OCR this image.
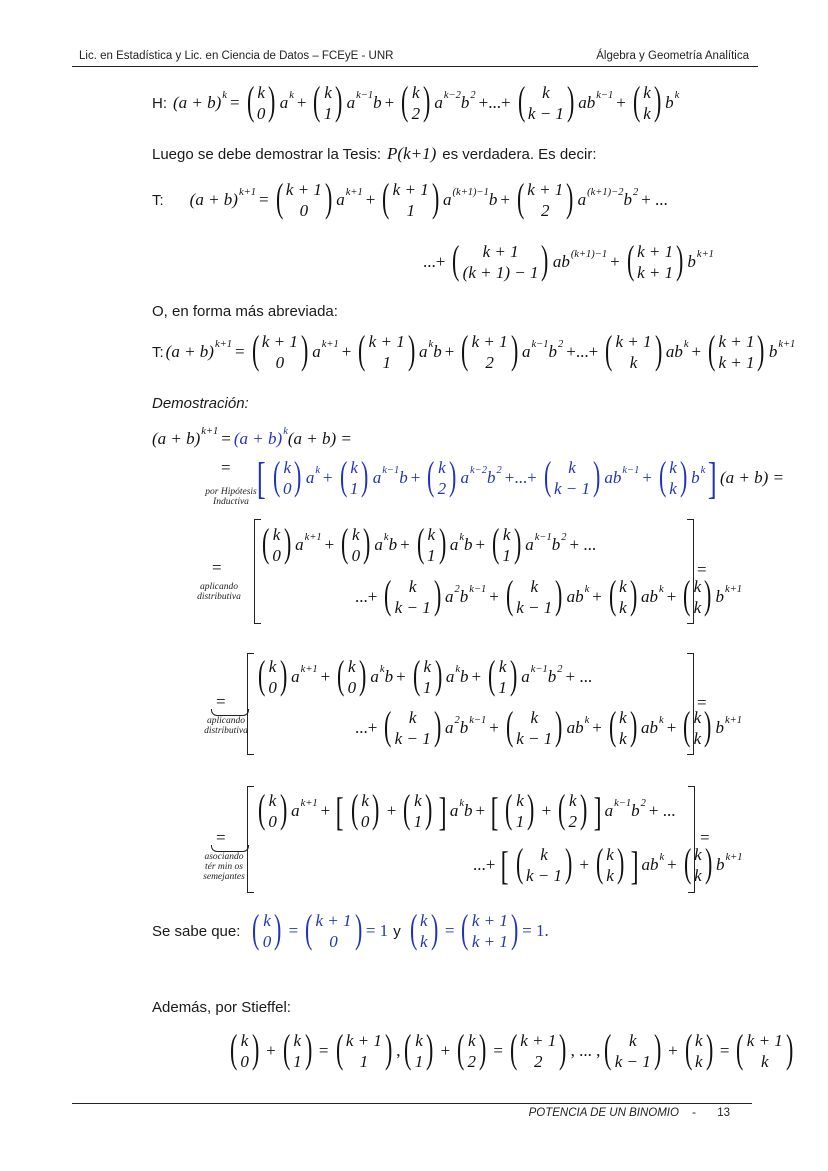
Lic. en Estadística y Lic. en Ciencia de Datos – FCEyE - UNR	Álgebra y Geometría Analítica
H: (a + b) k = ( k
0 ) a k + ( k
1 ) a k−1 b + ( k
2 ) a k−2 b 2 +...+ ( k
k − 1 ) ab k−1 + ( k
k ) b k
Luego se debe demostrar la Tesis: P(k+1) es verdadera. Es decir:
T: (a + b) k+1 = ( k + 1
0 ) a k+1 + ( k + 1
1 ) a (k+1)−1 b + ( k + 1
2 ) a (k+1)−2 b 2 + ...
...+ ( k + 1
(k + 1) − 1 ) ab (k+1)−1 + ( k + 1
k + 1 ) b k+1
O, en forma más abreviada:
T: (a + b) k+1 = ( k + 1
0 ) a k+1 + ( k + 1
1 ) a k b + ( k + 1
2 ) a k−1 b 2 +...+ ( k + 1
k ) ab k + ( k + 1
k + 1 ) b k+1
Demostración:
(a + b) k+1 = (a + b) k (a + b) =
=
por Hipótesis
Inductiva [ ( k
0 ) a k + ( k
1 ) a k−1 b + ( k
2 ) a k−2 b 2 +...+ ( k
k − 1 ) ab k−1 + ( k
k ) b k ] (a + b) =
=
aplicando
distributiva
=
( k
0 ) a k+1 + ( k
0 ) a k b + ( k
1 ) a k b + ( k
1 ) a k−1 b 2 + ...
...+ ( k
k − 1 ) a 2 b k−1 + ( k
k − 1 ) ab k + ( k
k ) ab k + ( k
k ) b k+1
=
aplicando
distributiva
=
( k
0 ) a k+1 + ( k
0 ) a k b + ( k
1 ) a k b + ( k
1 ) a k−1 b 2 + ...
...+ ( k
k − 1 ) a 2 b k−1 + ( k
k − 1 ) ab k + ( k
k ) ab k + ( k
k ) b k+1
=
asociando
tér min os
semejantes
=
( k
0 ) a k+1 + [ ( k
0 ) + ( k
1 ) ] a k b + [ ( k
1 ) + ( k
2 ) ] a k−1 b 2 + ...
...+ [ ( k
k − 1 ) + ( k
k ) ] ab k + ( k
k ) b k+1
Se sabe que: ( k
0 ) = ( k + 1
0 ) = 1 y ( k
k ) = ( k + 1
k + 1 ) = 1.
Además, por Stieffel:
( k
0 ) + ( k
1 ) = ( k + 1
1 ) , ( k
1 ) + ( k
2 ) = ( k + 1
2 ) , ... , ( k
k − 1 ) + ( k
k ) = ( k + 1
k )
POTENCIA DE UN BINOMIO - 13
